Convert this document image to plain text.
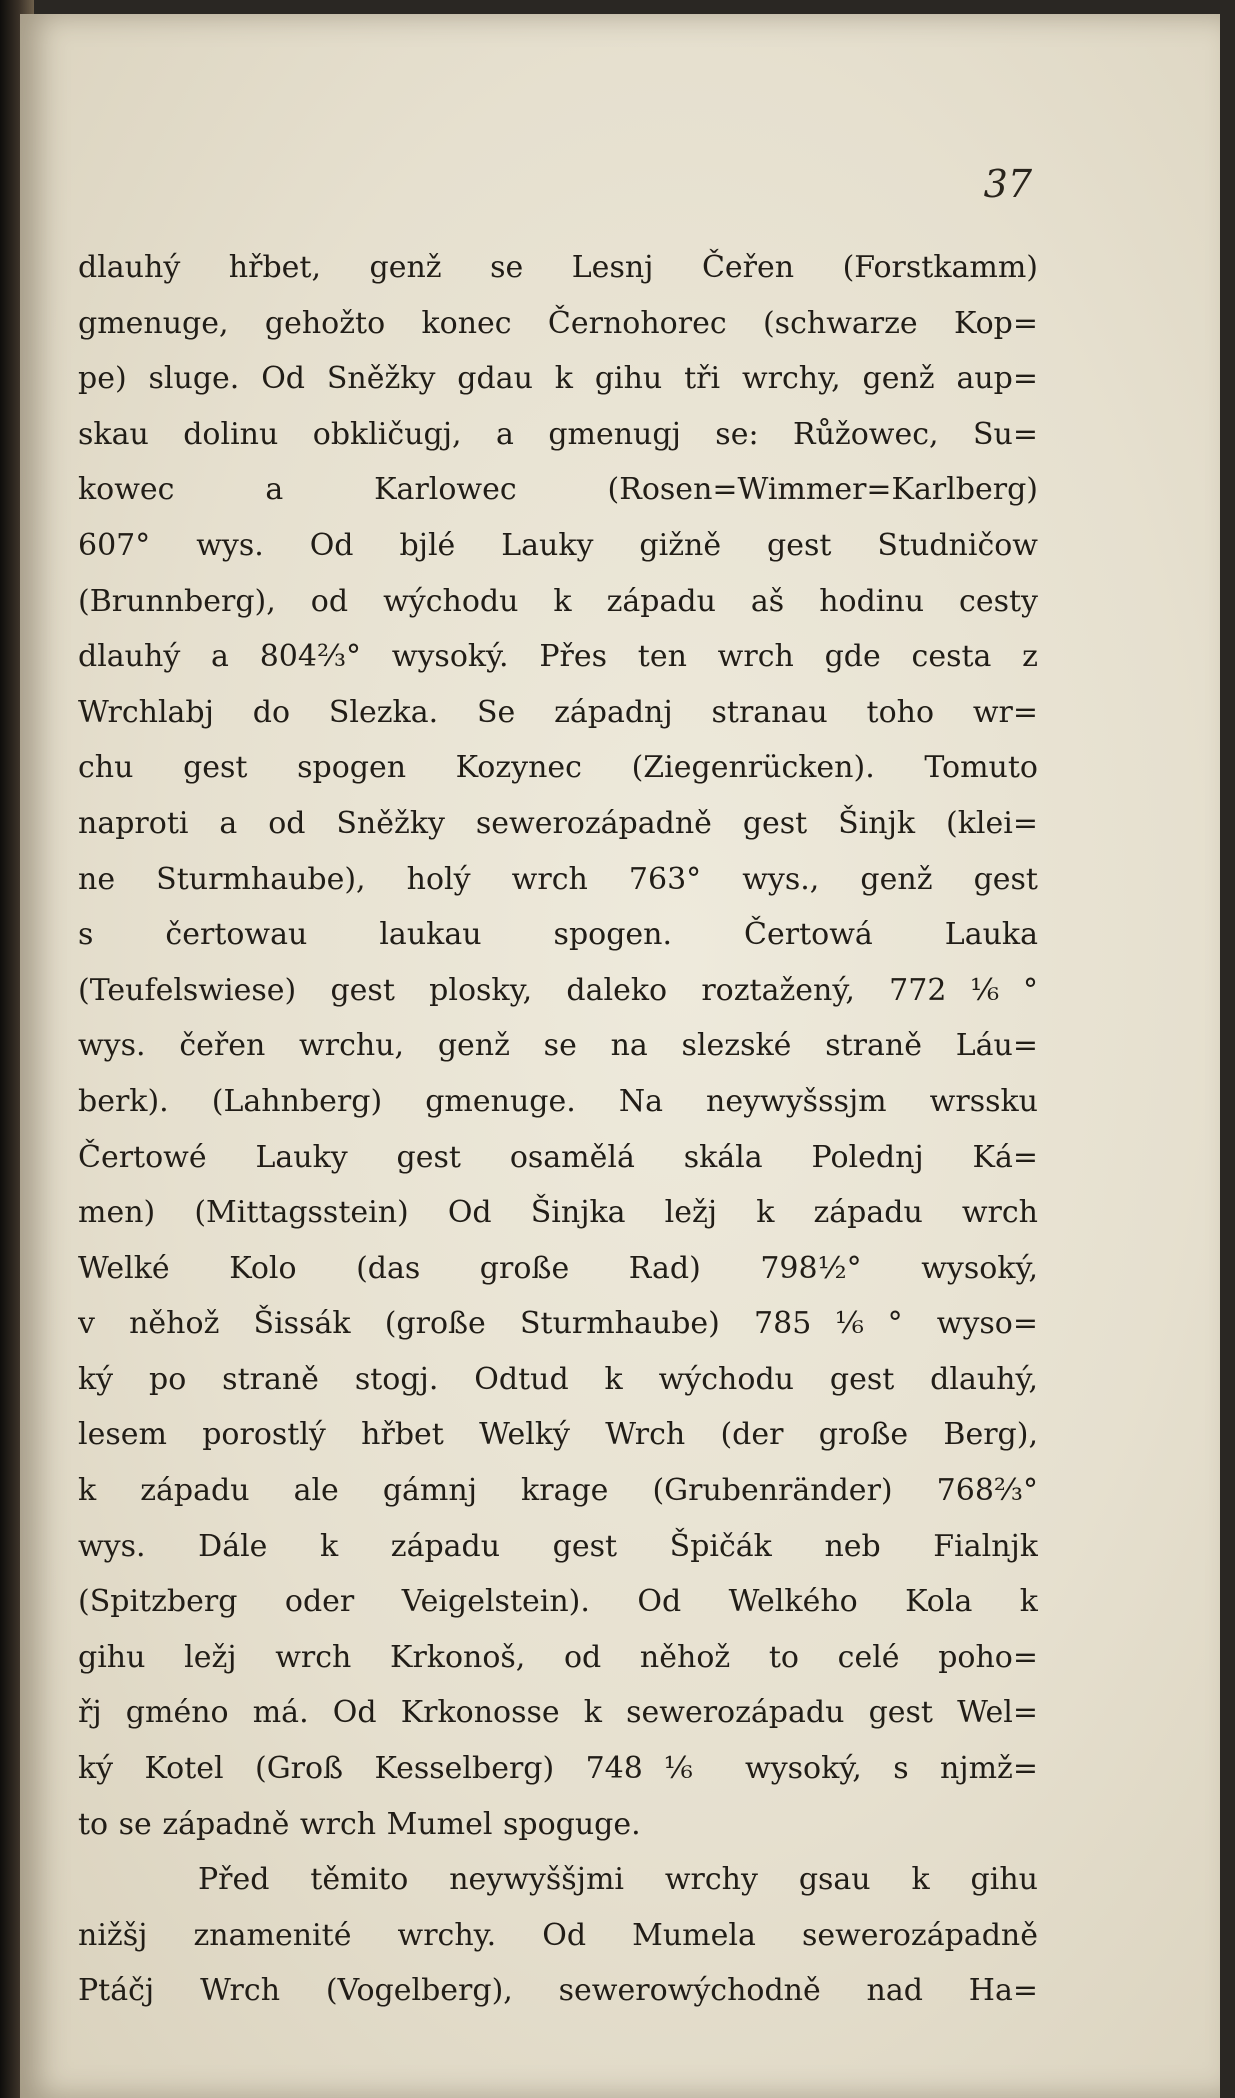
37
dlauhý hřbet, genž se Lesnj Čeřen (Forstkamm)
gmenuge, gehožto konec Černohorec (schwarze Kop=
pe) sluge. Od Sněžky gdau k gihu tři wrchy, genž aup=
skau dolinu obkličugj, a gmenugj se: Růžowec, Su=
kowec a Karlowec (Rosen=Wimmer=Karlberg)
607° wys. Od bjlé Lauky gižně gest Studničow
(Brunnberg), od wýchodu k západu aš hodinu cesty
dlauhý a 804⅔° wysoký. Přes ten wrch gde cesta z
Wrchlabj do Slezka. Se západnj stranau toho wr=
chu gest spogen Kozynec (Ziegenrücken). Tomuto
naproti a od Sněžky sewerozápadně gest Šinjk (klei=
ne Sturmhaube), holý wrch 763° wys., genž gest
s čertowau laukau spogen. Čertowá Lauka
(Teufelswiese) gest plosky, daleko roztažený, 772⅙°
wys. čeřen wrchu, genž se na slezské straně Láu=
berk). (Lahnberg) gmenuge. Na neywyšssjm wrssku
Čertowé Lauky gest osamělá skála Polednj Ká=
men) (Mittagsstein) Od Šinjka ležj k západu wrch
Welké Kolo (das große Rad) 798½° wysoký,
v něhož Šissák (große Sturmhaube) 785⅙° wyso=
ký po straně stogj. Odtud k wýchodu gest dlauhý,
lesem porostlý hřbet Welký Wrch (der große Berg),
k západu ale gámnj krage (Grubenränder) 768⅔°
wys. Dále k západu gest Špičák neb Fialnjk
(Spitzberg oder Veigelstein). Od Welkého Kola k
gihu ležj wrch Krkonoš, od něhož to celé poho=
řj gméno má. Od Krkonosse k sewerozápadu gest Wel=
ký Kotel (Groß Kesselberg) 748⅙ wysoký, s njmž=
to se západně wrch Mumel spoguge.
Před těmito neywyššjmi wrchy gsau k gihu
nižšj znamenité wrchy. Od Mumela sewerozápadně
Ptáčj Wrch (Vogelberg), sewerowýchodně nad Ha=
